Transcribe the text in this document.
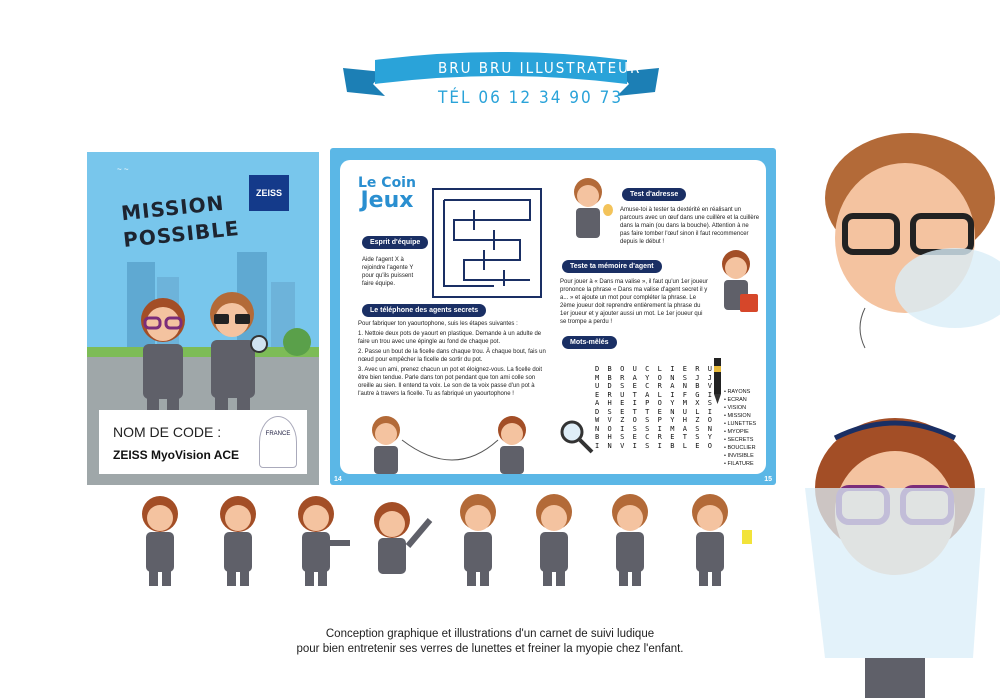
BRU BRU ILLUSTRATEUR
TÉL 06 12 34 90 73
~ ~
MISSION
POSSIBLE
ZEISS
NOM DE CODE :
ZEISS MyoVision ACE
FRANCE
Le Coin
Jeux
Esprit d'équipe
Aide l'agent X à rejoindre l'agente Y pour qu'ils puissent faire équipe.
Le téléphone des agents secrets
Pour fabriquer ton yaourtophone, suis les étapes suivantes :
1. Nettoie deux pots de yaourt en plastique. Demande à un adulte de faire un trou avec une épingle au fond de chaque pot.
2. Passe un bout de la ficelle dans chaque trou. À chaque bout, fais un nœud pour empêcher la ficelle de sortir du pot.
3. Avec un ami, prenez chacun un pot et éloignez-vous. La ficelle doit être bien tendue. Parle dans ton pot pendant que ton ami colle son oreille au sien. Il entend ta voix. Le son de ta voix passe d'un pot à l'autre à travers la ficelle. Tu as fabriqué un yaourtophone !
Test d'adresse
Amuse-toi à tester ta dextérité en réalisant un parcours avec un œuf dans une cuillère et la cuillère dans la main (ou dans la bouche). Attention à ne pas faire tomber l'œuf sinon il faut recommencer depuis le début !
Teste ta mémoire d'agent
Pour jouer à « Dans ma valise », il faut qu'un 1er joueur prononce la phrase « Dans ma valise d'agent secret il y a... » et ajoute un mot pour compléter la phrase. Le 2ème joueur doit reprendre entièrement la phrase du 1er joueur et y ajouter aussi un mot. Le 1er joueur qui se trompe a perdu !
Mots-mêlés
D B O U C L I E R U
M B R A Y O N S J J
U D S E C R A N B V
E R U T A L I F G I
A H E I P O Y M X S
D S E T T E N U L I
W V Z O S P Y H Z O
N O I S S I M A S N
B H S E C R E T S Y
I N V I S I B L E O
• RAYONS
• ECRAN
• VISION
• MISSION
• LUNETTES
• MYOPIE
• SECRETS
• BOUCLIER
• INVISIBLE
• FILATURE
14	15
Conception graphique et illustrations d'un carnet de suivi ludique
pour bien entretenir ses verres de lunettes et freiner la myopie chez l'enfant.
